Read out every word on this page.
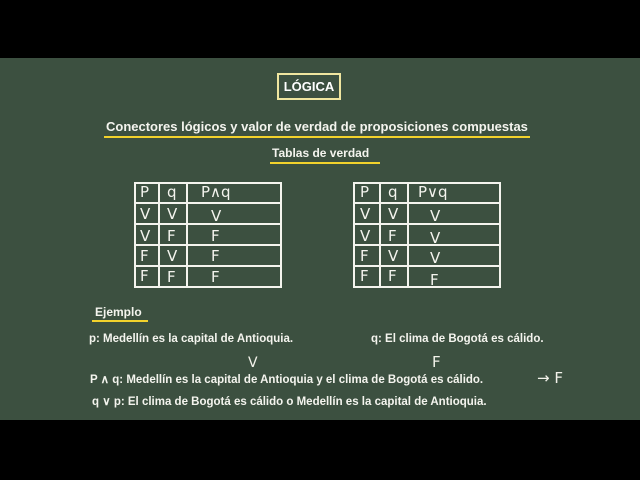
LÓGICA
Conectores lógicos y valor de verdad de proposiciones compuestas
Tablas de verdad
P q P∧q
V V V
V F F
F V F
F F F
P q P∨q
V V V
V F V
F V V
F F F
Ejemplo
p: Medellín es la capital de Antioquia.	q: El clima de Bogotá es cálido.
V	F
P ∧ q: Medellín es la capital de Antioquia y el clima de Bogotá es cálido.	→ F
q ∨ p: El clima de Bogotá es cálido o Medellín es la capital de Antioquia.
